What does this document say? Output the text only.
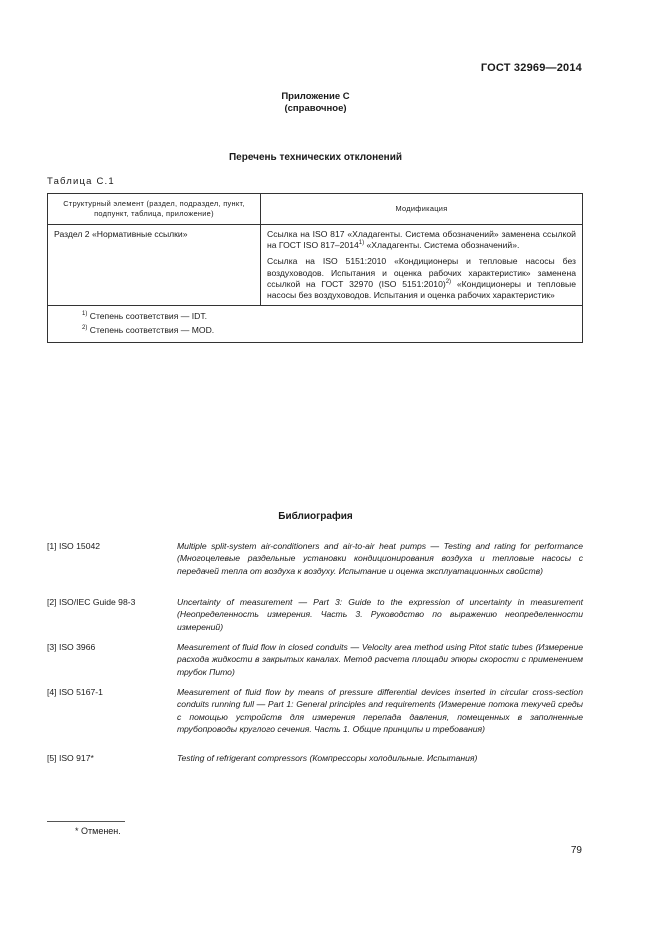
ГОСТ 32969—2014
Приложение С
(справочное)
Перечень технических отклонений
Таблица С.1
Структурный элемент (раздел, подраздел, пункт, подпункт, таблица, приложение)	Модификация
Раздел 2 «Нормативные ссылки»	Ссылка на ISO 817 «Хладагенты. Система обозначений» заменена ссылкой на ГОСТ ISO 817–2014$^{1)}$ «Хладагенты. Система обозначений».

Ссылка на ISO 5151:2010 «Кондиционеры и тепловые насосы без воздуховодов. Испытания и оценка рабочих характеристик» заменена ссылкой на ГОСТ 32970 (ISO 5151:2010)$^{2)}$ «Кондиционеры и тепловые насосы без воздуховодов. Испытания и оценка рабочих характеристик»

$^{1)}$ Степень соответствия — IDT.
$^{2)}$ Степень соответствия — MOD.	
Библиография
[1] ISO 15042	Multiple split-system air-conditioners and air-to-air heat pumps — Testing and rating for performance (Многоцелевые раздельные установки кондиционирования воздуха и тепловые насосы с передачей тепла от воздуха к воздуху. Испытание и оценка эксплуатационных свойств)
[2] ISO/IEC Guide 98-3	Uncertainty of measurement — Part 3: Guide to the expression of uncertainty in measurement (Неопределенность измерения. Часть 3. Руководство по выражению неопределенности измерений)
[3] ISO 3966	Measurement of fluid flow in closed conduits — Velocity area method using Pitot static tubes (Измерение расхода жидкости в закрытых каналах. Метод расчета площади эпюры скорости с применением трубок Пито)
[4] ISO 5167-1	Measurement of fluid flow by means of pressure differential devices inserted in circular cross-section conduits running full — Part 1: General principles and requirements (Измерение потока текучей среды с помощью устройств для измерения перепада давления, помещенных в заполненные трубопроводы круглого сечения. Часть 1. Общие принципы и требования)
[5] ISO 917*	Testing of refrigerant compressors (Компрессоры холодильные. Испытания)
* Отменен.
79
